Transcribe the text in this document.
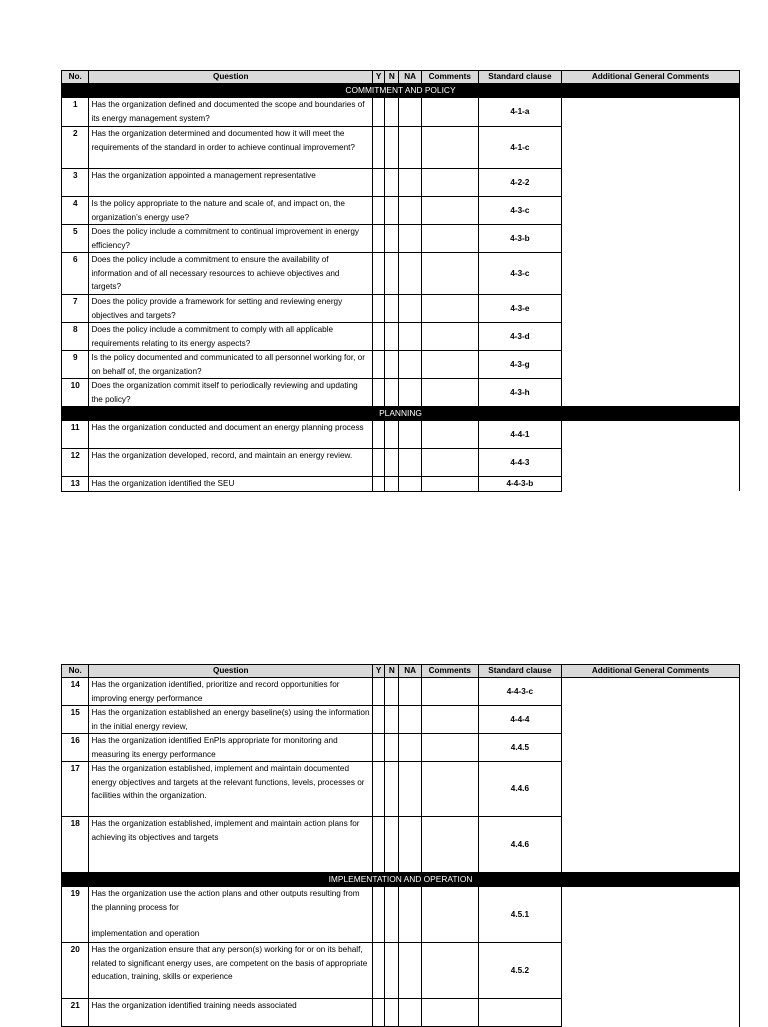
No.	Question	Y	N	NA	Comments	Standard clause	Additional General Comments
COMMITMENT AND POLICY							
1	Has the organization defined and documented the scope and boundaries of its energy management system?					4-1-a	
2	Has the organization determined and documented how it will meet the requirements of the standard in order to achieve continual improvement?					4-1-c	
3	Has the organization appointed a management representative					4-2-2	
4	Is the policy appropriate to the nature and scale of, and impact on, the organization’s energy use?					4-3-c	
5	Does the policy include a commitment to continual improvement in energy efficiency?					4-3-b	
6	Does the policy include a commitment to ensure the availability of information and of all necessary resources to achieve objectives and targets?					4-3-c	
7	Does the policy provide a framework for setting and reviewing energy objectives and targets?					4-3-e	
8	Does the policy include a commitment to comply with all applicable requirements relating to its energy aspects?					4-3-d	
9	Is the policy documented and communicated to all personnel working for, or on behalf of, the organization?					4-3-g	
10	Does the organization commit itself to periodically reviewing and updating the policy?					4-3-h	
PLANNING							
11	Has the organization conducted and document an energy planning process					4-4-1	
12	Has the organization developed, record, and maintain an energy review.					4-4-3	
13	Has the organization identified the SEU					4-4-3-b	
No.	Question	Y	N	NA	Comments	Standard clause	Additional General Comments
14	Has the organization identified, prioritize and record opportunities for improving energy performance					4-4-3-c	
15	Has the organization established an energy baseline(s) using the information in the initial energy review,					4-4-4	
16	Has the organization identified EnPIs appropriate for monitoring and measuring its energy performance					4.4.5	
17	Has the organization established, implement and maintain documented energy objectives and targets at the relevant functions, levels, processes or facilities within the organization.					4.4.6	
18	Has the organization established, implement and maintain action plans for achieving its objectives and targets					4.4.6	
IMPLEMENTATION AND OPERATION							
19	Has the organization use the action plans and other outputs resulting from the planning process for
implementation and operation					4.5.1	
20	Has the organization ensure that any person(s) working for or on its behalf, related to significant energy uses, are competent on the basis of appropriate education, training, skills or experience					4.5.2	
21	Has the organization identified training needs associated						
